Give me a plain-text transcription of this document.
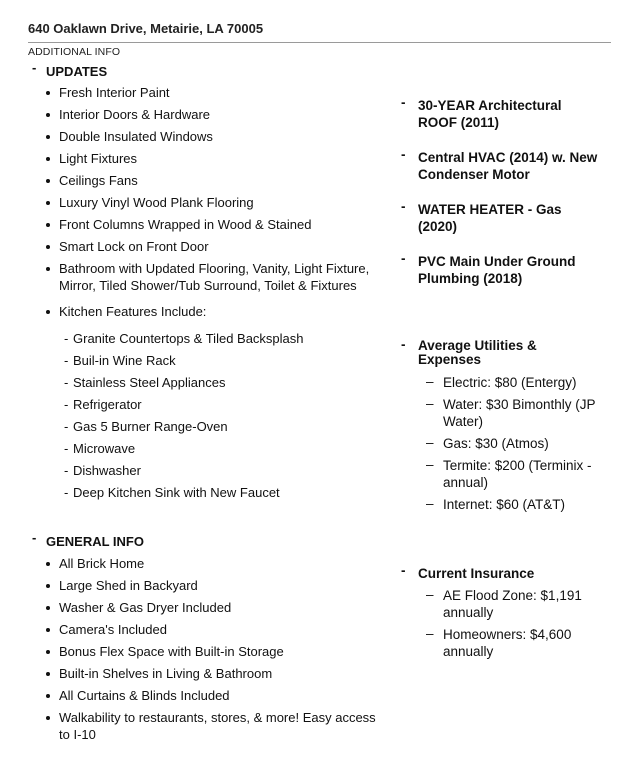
640 Oaklawn Drive, Metairie, LA 70005
ADDITIONAL INFO
- UPDATES
Fresh Interior Paint
Interior Doors & Hardware
Double Insulated Windows
Light Fixtures
Ceilings Fans
Luxury Vinyl Wood Plank Flooring
Front Columns Wrapped in Wood & Stained
Smart Lock on Front Door
Bathroom with Updated Flooring, Vanity, Light Fixture, Mirror, Tiled Shower/Tub Surround, Toilet & Fixtures
Kitchen Features Include:
- Granite Countertops & Tiled Backsplash
- Buil-in Wine Rack
- Stainless Steel Appliances
- Refrigerator
- Gas 5 Burner Range-Oven
- Microwave
- Dishwasher
- Deep Kitchen Sink with New Faucet
- GENERAL INFO
All Brick Home
Large Shed in Backyard
Washer & Gas Dryer Included
Camera's Included
Bonus Flex Space with Built-in Storage
Built-in Shelves in Living & Bathroom
All Curtains & Blinds Included
Walkability to restaurants, stores, & more! Easy access to I-10
- 30-YEAR Architectural ROOF (2011)
- Central HVAC (2014) w. New Condenser Motor
- WATER HEATER - Gas (2020)
- PVC Main Under Ground Plumbing (2018)
- Average Utilities & Expenses
– Electric: $80 (Entergy)
– Water: $30 Bimonthly (JP Water)
– Gas: $30 (Atmos)
– Termite: $200 (Terminix - annual)
– Internet: $60 (AT&T)
- Current Insurance
– AE Flood Zone: $1,191 annually
– Homeowners: $4,600 annually
